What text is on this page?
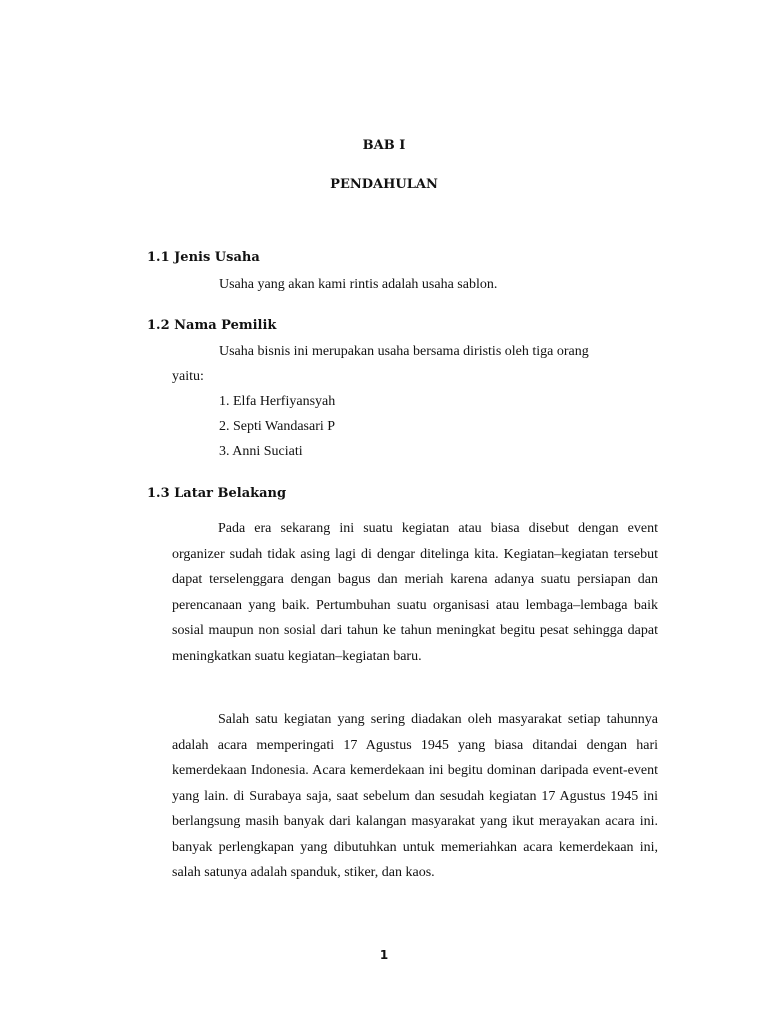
BAB I
PENDAHULAN
1.1 Jenis Usaha
Usaha yang akan kami rintis adalah usaha sablon.
1.2 Nama Pemilik
Usaha bisnis ini merupakan usaha bersama diristis oleh tiga orang
yaitu:
1. Elfa Herfiyansyah
2. Septi Wandasari P
3. Anni Suciati
1.3 Latar Belakang

Pada era sekarang ini suatu kegiatan atau biasa disebut dengan event organizer sudah tidak asing lagi di dengar ditelinga kita. Kegiatan–kegiatan tersebut dapat terselenggara dengan bagus dan meriah karena adanya suatu persiapan dan perencanaan yang baik. Pertumbuhan suatu organisasi atau lembaga–lembaga baik sosial maupun non sosial dari tahun ke tahun meningkat begitu pesat sehingga dapat meningkatkan suatu kegiatan–kegiatan baru.

Salah satu kegiatan yang sering diadakan oleh masyarakat setiap tahunnya adalah acara memperingati 17 Agustus 1945 yang biasa ditandai dengan hari kemerdekaan Indonesia. Acara kemerdekaan ini begitu dominan daripada event-event yang lain. di Surabaya saja, saat sebelum dan sesudah kegiatan 17 Agustus 1945 ini berlangsung masih banyak dari kalangan masyarakat yang ikut merayakan acara ini. banyak perlengkapan yang dibutuhkan untuk memeriahkan acara kemerdekaan ini, salah satunya adalah spanduk, stiker, dan kaos.

1
